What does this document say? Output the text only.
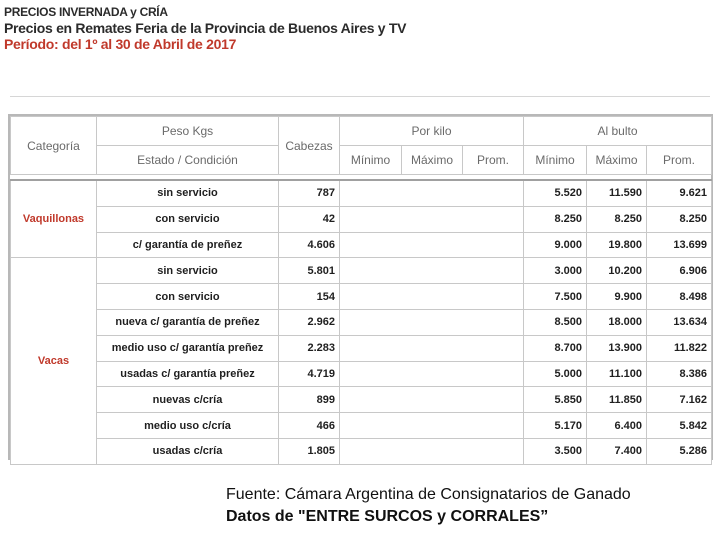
PRECIOS INVERNADA y CRÍA
Precios en Remates Feria de la Provincia de Buenos Aires y TV
Período: del 1º al 30 de Abril de 2017
Categoría	Peso Kgs	Cabezas	Por kilo			Al bulto		
	Estado / Condición		Mínimo	Máximo	Prom.	Mínimo	Máximo	Prom.

Vaquillonas	sin servicio	787				5.520	11.590	9.621
	con servicio	42				8.250	8.250	8.250
	c/ garantía de preñez	4.606				9.000	19.800	13.699
Vacas	sin servicio	5.801				3.000	10.200	6.906
	con servicio	154				7.500	9.900	8.498
	nueva c/ garantía de preñez	2.962				8.500	18.000	13.634
	medio uso c/ garantía preñez	2.283				8.700	13.900	11.822
	usadas c/ garantía preñez	4.719				5.000	11.100	8.386
	nuevas c/cría	899				5.850	11.850	7.162
	medio uso c/cría	466				5.170	6.400	5.842
	usadas c/cría	1.805				3.500	7.400	5.286
Fuente: Cámara Argentina de Consignatarios de Ganado
Datos de "ENTRE SURCOS y CORRALES”
